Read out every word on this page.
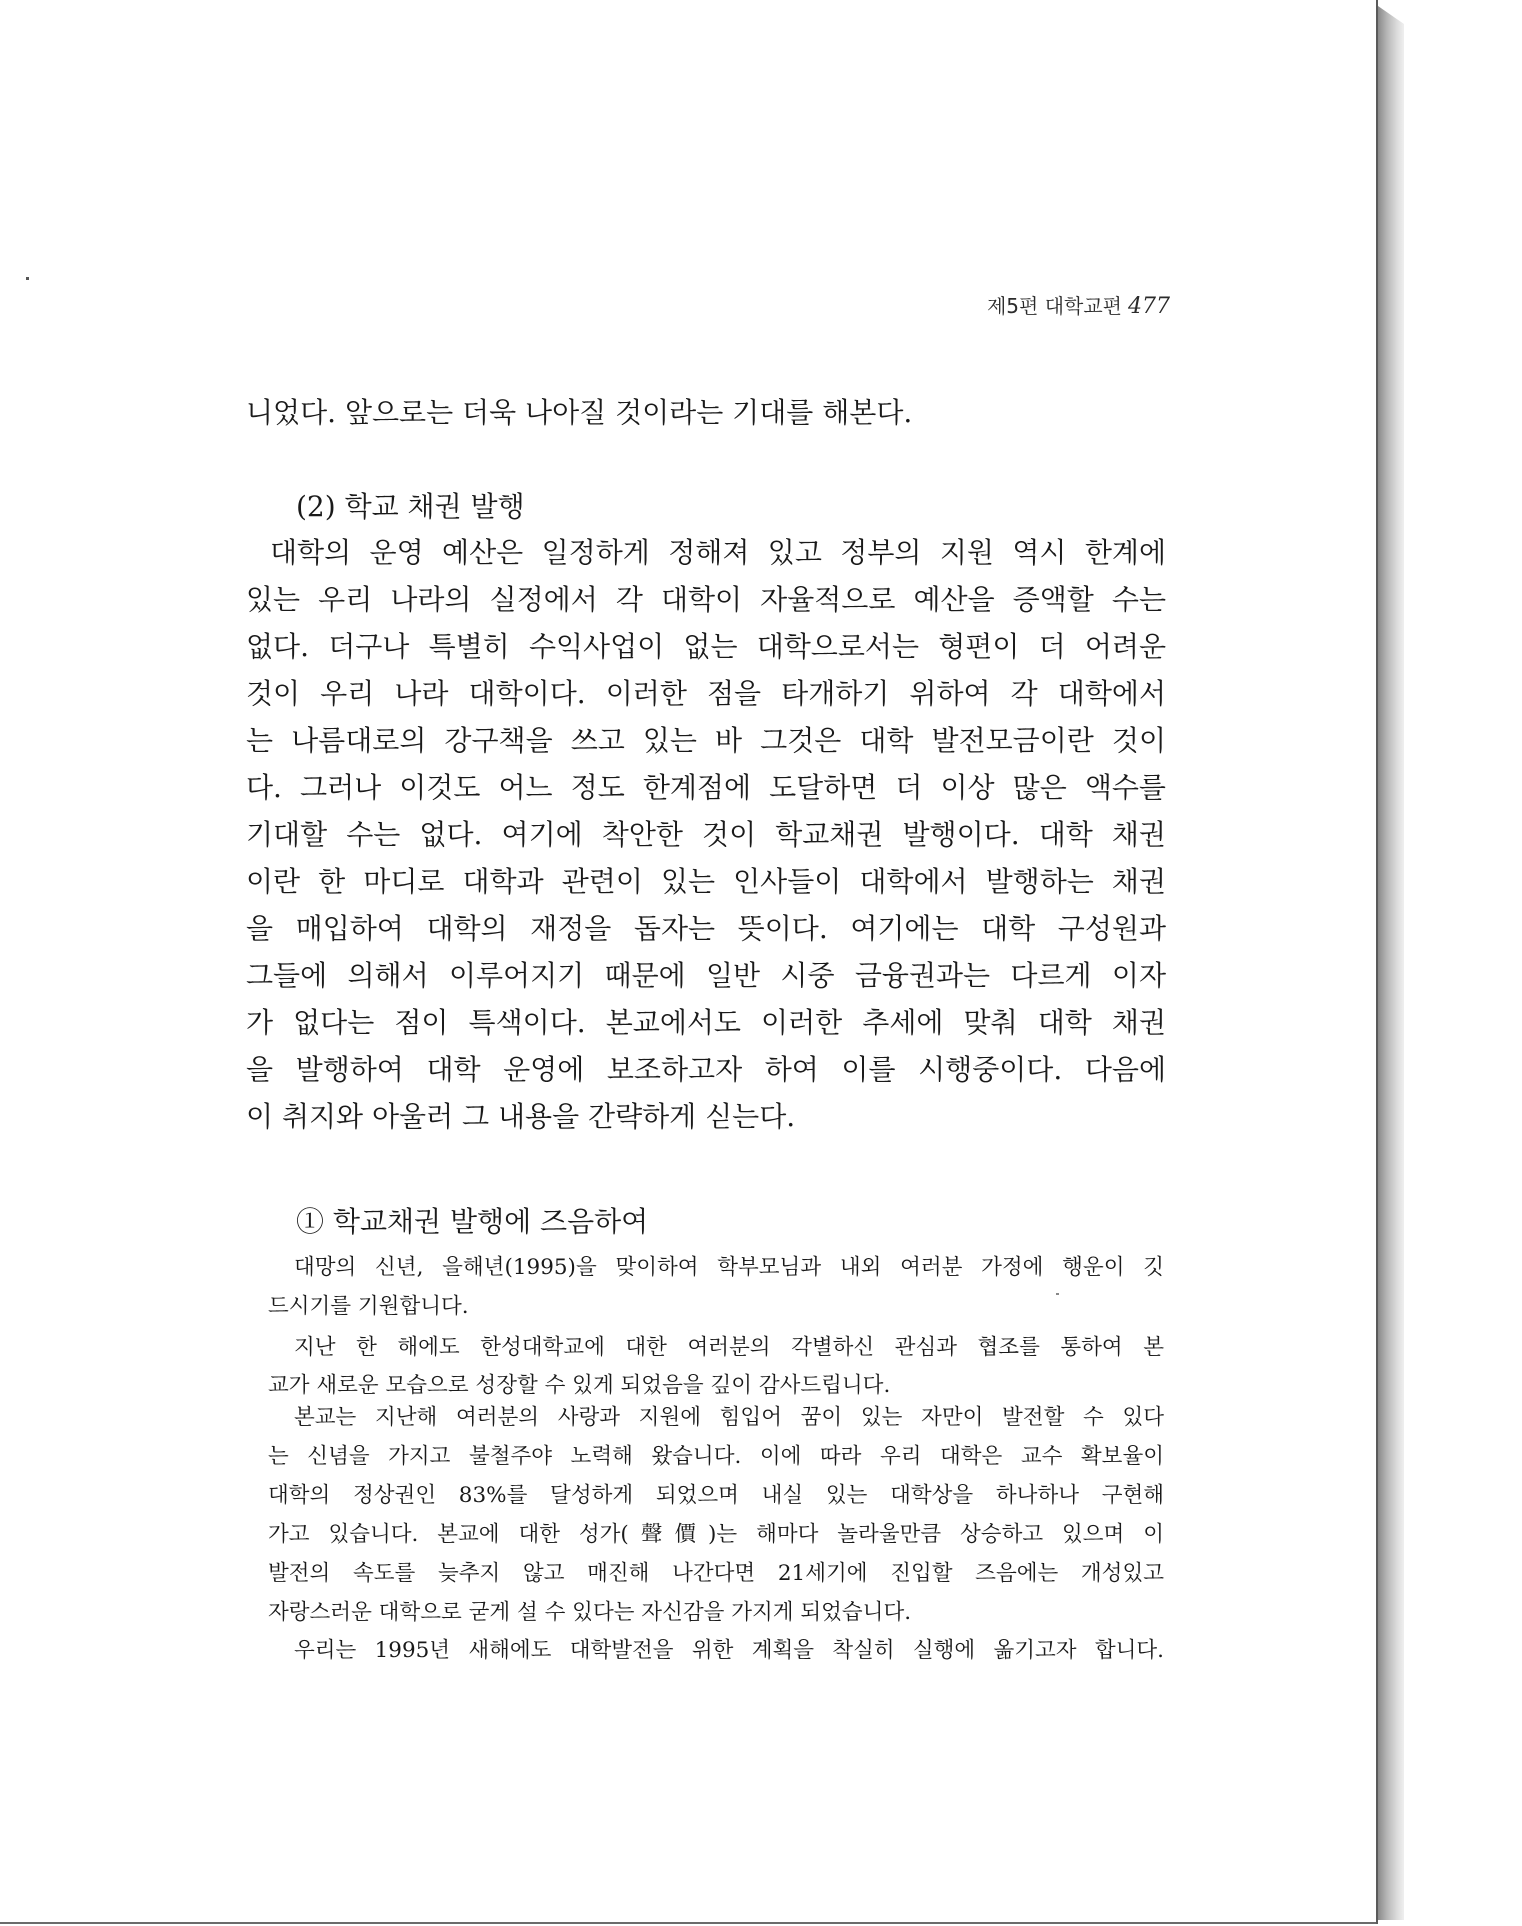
제5편 대학교편 477
니었다. 앞으로는 더욱 나아질 것이라는 기대를 해본다.
(2) 학교 채권 발행
대학의 운영 예산은 일정하게 정해져 있고 정부의 지원 역시 한계에
있는 우리 나라의 실정에서 각 대학이 자율적으로 예산을 증액할 수는
없다. 더구나 특별히 수익사업이 없는 대학으로서는 형편이 더 어려운
것이 우리 나라 대학이다. 이러한 점을 타개하기 위하여 각 대학에서
는 나름대로의 강구책을 쓰고 있는 바 그것은 대학 발전모금이란 것이
다. 그러나 이것도 어느 정도 한계점에 도달하면 더 이상 많은 액수를
기대할 수는 없다. 여기에 착안한 것이 학교채권 발행이다. 대학 채권
이란 한 마디로 대학과 관련이 있는 인사들이 대학에서 발행하는 채권
을 매입하여 대학의 재정을 돕자는 뜻이다. 여기에는 대학 구성원과
그들에 의해서 이루어지기 때문에 일반 시중 금융권과는 다르게 이자
가 없다는 점이 특색이다. 본교에서도 이러한 추세에 맞춰 대학 채권
을 발행하여 대학 운영에 보조하고자 하여 이를 시행중이다. 다음에
이 취지와 아울러 그 내용을 간략하게 싣는다.
① 학교채권 발행에 즈음하여
대망의 신년, 을해년(1995)을 맞이하여 학부모님과 내외 여러분 가정에 행운이 깃
드시기를 기원합니다.
지난 한 해에도 한성대학교에 대한 여러분의 각별하신 관심과 협조를 통하여 본
교가 새로운 모습으로 성장할 수 있게 되었음을 깊이 감사드립니다.
본교는 지난해 여러분의 사랑과 지원에 힘입어 꿈이 있는 자만이 발전할 수 있다
는 신념을 가지고 불철주야 노력해 왔습니다. 이에 따라 우리 대학은 교수 확보율이
대학의 정상권인 83%를 달성하게 되었으며 내실 있는 대학상을 하나하나 구현해
가고 있습니다. 본교에 대한 성가(聲價)는 해마다 놀라울만큼 상승하고 있으며 이
발전의 속도를 늦추지 않고 매진해 나간다면 21세기에 진입할 즈음에는 개성있고
자랑스러운 대학으로 굳게 설 수 있다는 자신감을 가지게 되었습니다.
우리는 1995년 새해에도 대학발전을 위한 계획을 착실히 실행에 옮기고자 합니다.
